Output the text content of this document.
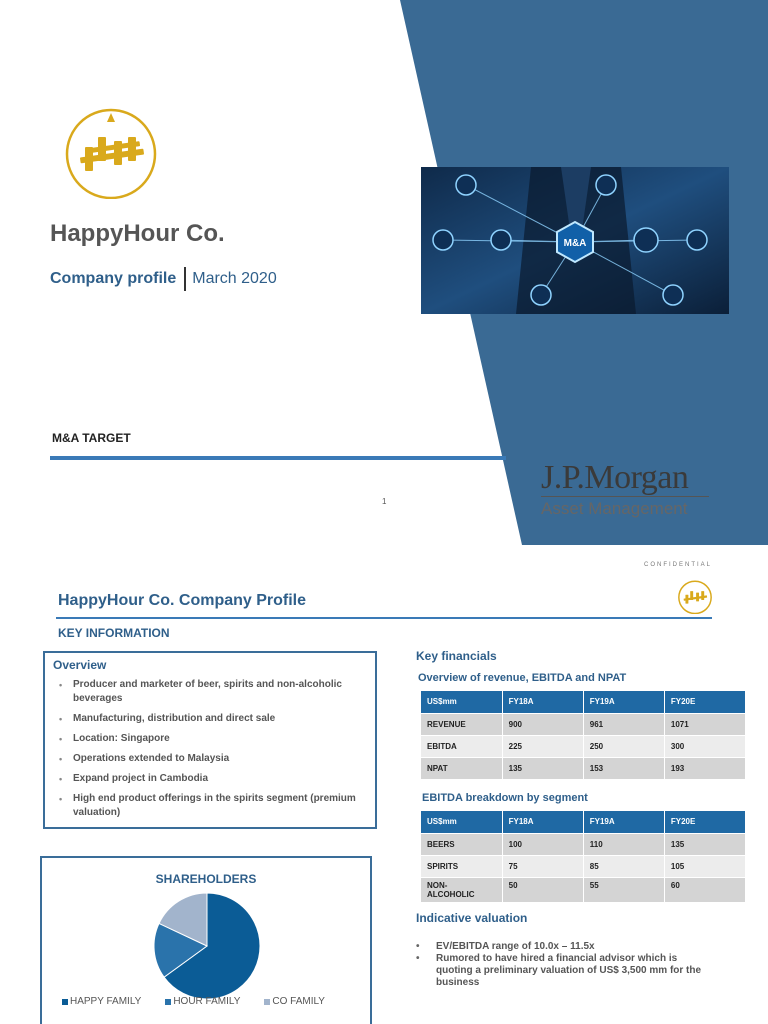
HappyHour Co.
Company profile March 2020
M&A
M&A TARGET
1
J.P.Morgan
Asset Management
CONFIDENTIAL
HappyHour Co. Company Profile
KEY INFORMATION
Overview
• Producer and marketer of beer, spirits and non-alcoholic beverages
• Manufacturing, distribution and direct sale
• Location: Singapore
• Operations extended to Malaysia
• Expand project in Cambodia
• High end product offerings in the spirits segment (premium valuation)
SHAREHOLDERS
HAPPY FAMILY	HOUR FAMILY	CO FAMILY
Key financials
Overview of revenue, EBITDA and NPAT
US$mm	FY18A	FY19A	FY20E
REVENUE	900	961	1071
EBITDA	225	250	300
NPAT	135	153	193
EBITDA breakdown by segment
US$mm	FY18A	FY19A	FY20E
BEERS	100	110	135
SPIRITS	75	85	105
NON-
ALCOHOLIC	50	55	60
Indicative valuation
• EV/EBITDA range of 10.0x – 11.5x
• Rumored to have hired a financial advisor which is quoting a preliminary valuation of US$ 3,500 mm for the business
